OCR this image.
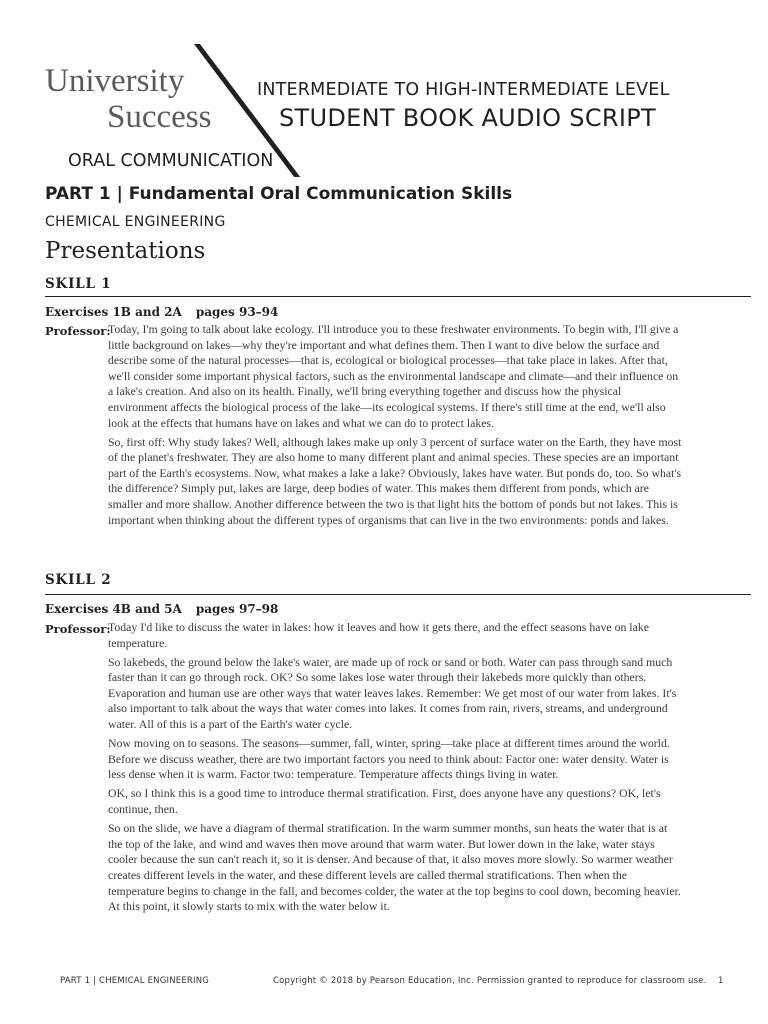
University
Success
INTERMEDIATE TO HIGH-INTERMEDIATE LEVEL
STUDENT BOOK AUDIO SCRIPT
ORAL COMMUNICATION
PART 1 | Fundamental Oral Communication Skills
CHEMICAL ENGINEERING
Presentations
SKILL 1
Exercises 1B and 2A pages 93–94
Professor:

Today, I'm going to talk about lake ecology. I'll introduce you to these freshwater environments. To begin with, I'll give a little background on lakes—why they're important and what defines them. Then I want to dive below the surface and describe some of the natural processes—that is, ecological or biological processes—that take place in lakes. After that, we'll consider some important physical factors, such as the environmental landscape and climate—and their influence on a lake's creation. And also on its health. Finally, we'll bring everything together and discuss how the physical environment affects the biological process of the lake—its ecological systems. If there's still time at the end, we'll also look at the effects that humans have on lakes and what we can do to protect lakes.

So, first off: Why study lakes? Well, although lakes make up only 3 percent of surface water on the Earth, they have most of the planet's freshwater. They are also home to many different plant and animal species. These species are an important part of the Earth's ecosystems. Now, what makes a lake a lake? Obviously, lakes have water. But ponds do, too. So what's the difference? Simply put, lakes are large, deep bodies of water. This makes them different from ponds, which are smaller and more shallow. Another difference between the two is that light hits the bottom of ponds but not lakes. This is important when thinking about the different types of organisms that can live in the two environments: ponds and lakes.

SKILL 2
Exercises 4B and 5A pages 97–98
Professor:

Today I'd like to discuss the water in lakes: how it leaves and how it gets there, and the effect seasons have on lake temperature.

So lakebeds, the ground below the lake's water, are made up of rock or sand or both. Water can pass through sand much faster than it can go through rock. OK? So some lakes lose water through their lakebeds more quickly than others. Evaporation and human use are other ways that water leaves lakes. Remember: We get most of our water from lakes. It's also important to talk about the ways that water comes into lakes. It comes from rain, rivers, streams, and underground water. All of this is a part of the Earth's water cycle.

Now moving on to seasons. The seasons—summer, fall, winter, spring—take place at different times around the world. Before we discuss weather, there are two important factors you need to think about: Factor one: water density. Water is less dense when it is warm. Factor two: temperature. Temperature affects things living in water.

OK, so I think this is a good time to introduce thermal stratification. First, does anyone have any questions? OK, let's continue, then.

So on the slide, we have a diagram of thermal stratification. In the warm summer months, sun heats the water that is at the top of the lake, and wind and waves then move around that warm water. But lower down in the lake, water stays cooler because the sun can't reach it, so it is denser. And because of that, it also moves more slowly. So warmer weather creates different levels in the water, and these different levels are called thermal stratifications. Then when the temperature begins to change in the fall, and becomes colder, the water at the top begins to cool down, becoming heavier. At this point, it slowly starts to mix with the water below it.

PART 1 | CHEMICAL ENGINEERING	Copyright © 2018 by Pearson Education, Inc. Permission granted to reproduce for classroom use. 1
